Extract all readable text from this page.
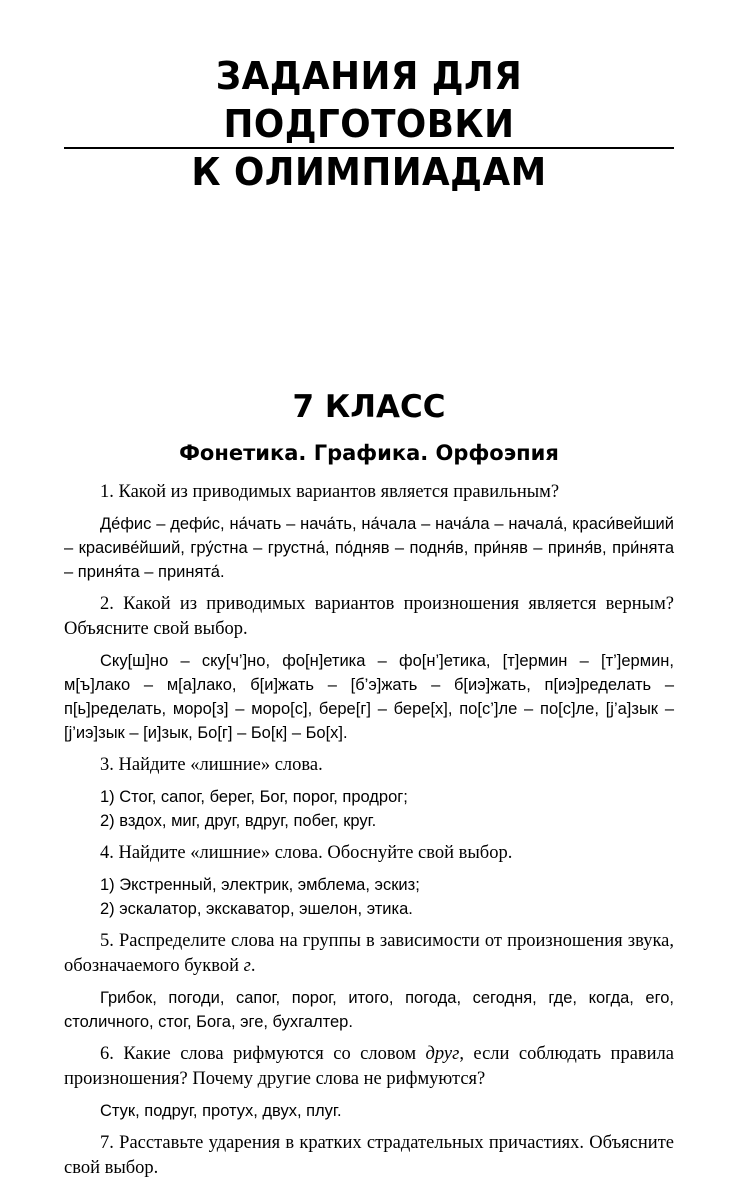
ЗАДАНИЯ ДЛЯ ПОДГОТОВКИ
К ОЛИМПИАДАМ
7 КЛАСС
Фонетика. Графика. Орфоэпия

1. Какой из приводимых вариантов является правильным?

Де́фис – дефи́с, на́чать – нача́ть, на́чала – нача́ла – начала́, краси́вейший – красиве́йший, гру́стна – грустна́, по́дняв – подня́в, при́няв – приня́в, при́нята – приня́та – принята́.

2. Какой из приводимых вариантов произношения является верным? Объясните свой выбор.

Ску[ш]но – ску[ч’]но, фо[н]етика – фо[н’]етика, [т]ермин – [т’]ермин, м[ъ]лако – м[а]лако, б[и]жать – [б’э]жать – б[иэ]жать, п[иэ]ределать – п[ь]ределать, моро[з] – моро[с], бере[г] – бере[х], по[с’]ле – по[с]ле, [j’а]зык – [j’иэ]зык – [и]зык, Бо[г] – Бо[к] – Бо[х].

3. Найдите «лишние» слова.

1) Стог, сапог, берег, Бог, порог, продрог;
2) вздох, миг, друг, вдруг, побег, круг.

4. Найдите «лишние» слова. Обоснуйте свой выбор.

1) Экстренный, электрик, эмблема, эскиз;
2) эскалатор, экскаватор, эшелон, этика.

5. Распределите слова на группы в зависимости от произношения звука, обозначаемого буквой г.

Грибок, погоди, сапог, порог, итого, погода, сегодня, где, когда, его, столичного, стог, Бога, эге, бухгалтер.

6. Какие слова рифмуются со словом друг, если соблюдать правила произношения? Почему другие слова не рифмуются?

Стук, подруг, протух, двух, плуг.

7. Расставьте ударения в кратких страдательных причастиях. Объясните свой выбор.
